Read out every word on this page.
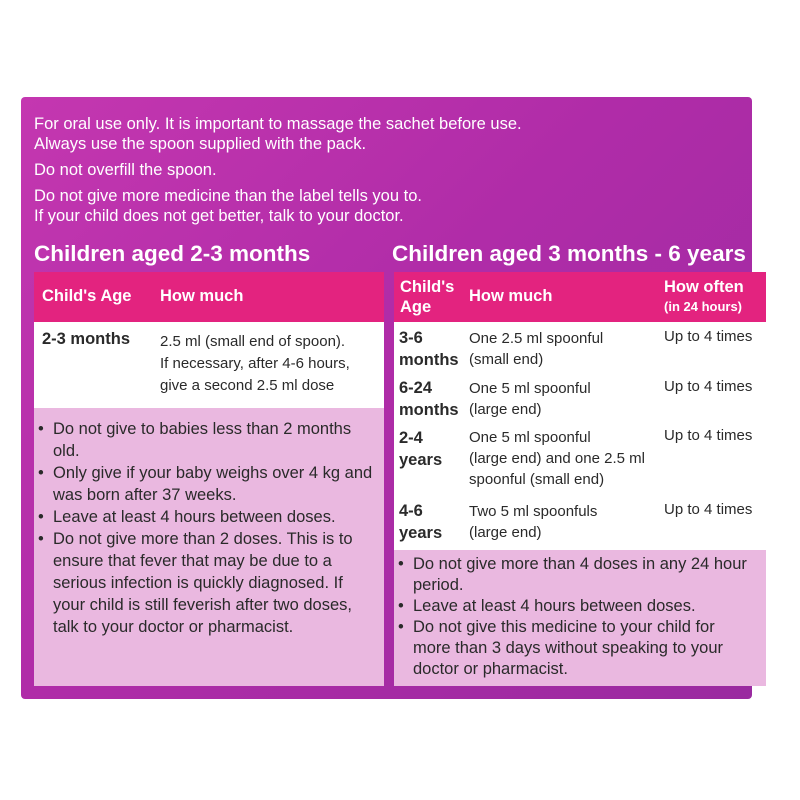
For oral use only. It is important to massage the sachet before use.
Always use the spoon supplied with the pack.
Do not overfill the spoon.
Do not give more medicine than the label tells you to.
If your child does not get better, talk to your doctor.
Children aged 2-3 months
Child's Age How much
2-3 months 2.5 ml (small end of spoon).
If necessary, after 4-6 hours,
give a second 2.5 ml dose
• Do not give to babies less than 2 months old.
• Only give if your baby weighs over 4 kg and was born after 37 weeks.
• Leave at least 4 hours between doses.
• Do not give more than 2 doses. This is to ensure that fever that may be due to a serious infection is quickly diagnosed. If your child is still feverish after two doses, talk to your doctor or pharmacist.
Children aged 3 months - 6 years
Child's
Age
How much	How often
(in 24 hours)
3-6
months
One 2.5 ml spoonful
(small end)
Up to 4 times
6-24
months
One 5 ml spoonful
(large end)
Up to 4 times
2-4
years
One 5 ml spoonful
(large end) and one 2.5 ml
spoonful (small end)
Up to 4 times
4-6
years
Two 5 ml spoonfuls
(large end)
Up to 4 times
• Do not give more than 4 doses in any 24 hour period.
• Leave at least 4 hours between doses.
• Do not give this medicine to your child for more than 3 days without speaking to your doctor or pharmacist.
